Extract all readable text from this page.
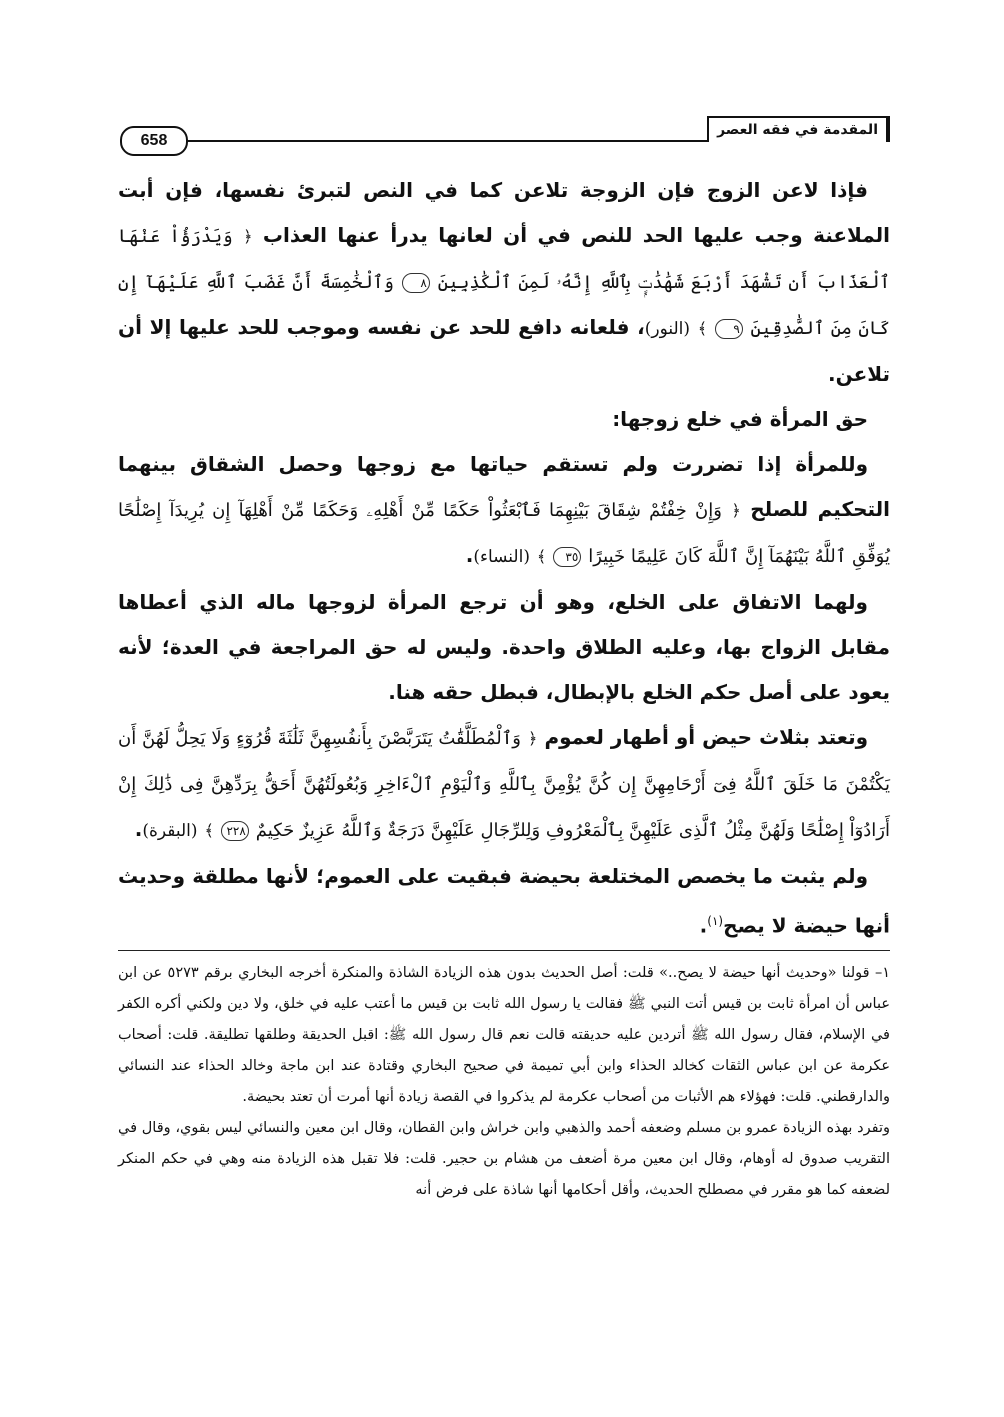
المقدمة في فقه العصر
658

فإذا لاعن الزوج فإن الزوجة تلاعن كما في النص لتبرئ نفسها، فإن أبت الملاعنة وجب عليها الحد للنص في أن لعانها يدرأ عنها العذاب ﴿ وَيَدْرَؤُاْ عَنْهَا ٱلْعَذَابَ أَن تَشْهَدَ أَرْبَعَ شَهَٰدَٰتٍۭ بِٱللَّهِ إِنَّهُۥ لَمِنَ ٱلْكَٰذِبِينَ ٨ وَٱلْخَٰمِسَةَ أَنَّ غَضَبَ ٱللَّهِ عَلَيْهَآ إِن كَانَ مِنَ ٱلصَّٰدِقِينَ ٩ ﴾ (النور)، فلعانه دافع للحد عن نفسه وموجب للحد عليها إلا أن تلاعن.

حق المرأة في خلع زوجها:

وللمرأة إذا تضررت ولم تستقم حياتها مع زوجها وحصل الشقاق بينهما التحكيم للصلح ﴿ وَإِنْ خِفْتُمْ شِقَاقَ بَيْنِهِمَا فَٱبْعَثُواْ حَكَمًا مِّنْ أَهْلِهِۦ وَحَكَمًا مِّنْ أَهْلِهَآ إِن يُرِيدَآ إِصْلَٰحًا يُوَفِّقِ ٱللَّهُ بَيْنَهُمَآ إِنَّ ٱللَّهَ كَانَ عَلِيمًا خَبِيرًا ٣٥ ﴾ (النساء).

ولهما الاتفاق على الخلع، وهو أن ترجع المرأة لزوجها ماله الذي أعطاها مقابل الزواج بها، وعليه الطلاق واحدة. وليس له حق المراجعة في العدة؛ لأنه يعود على أصل حكم الخلع بالإبطال، فبطل حقه هنا.

وتعتد بثلاث حيض أو أطهار لعموم ﴿ وَٱلْمُطَلَّقَٰتُ يَتَرَبَّصْنَ بِأَنفُسِهِنَّ ثَلَٰثَةَ قُرُوٓءٍ وَلَا يَحِلُّ لَهُنَّ أَن يَكْتُمْنَ مَا خَلَقَ ٱللَّهُ فِىٓ أَرْحَامِهِنَّ إِن كُنَّ يُؤْمِنَّ بِٱللَّهِ وَٱلْيَوْمِ ٱلْءَاخِرِ وَبُعُولَتُهُنَّ أَحَقُّ بِرَدِّهِنَّ فِى ذَٰلِكَ إِنْ أَرَادُوٓاْ إِصْلَٰحًا وَلَهُنَّ مِثْلُ ٱلَّذِى عَلَيْهِنَّ بِٱلْمَعْرُوفِ وَلِلرِّجَالِ عَلَيْهِنَّ دَرَجَةٌ وَٱللَّهُ عَزِيزٌ حَكِيمٌ ٢٢٨ ﴾ (البقرة).

ولم يثبت ما يخصص المختلعة بحيضة فبقيت على العموم؛ لأنها مطلقة وحديث أنها حيضة لا يصح$^{(١)}$.

١– قولنا «وحديث أنها حيضة لا يصح..» قلت: أصل الحديث بدون هذه الزيادة الشاذة والمنكرة أخرجه البخاري برقم ٥٢٧٣ عن ابن عباس أن امرأة ثابت بن قيس أتت النبي ﷺ فقالت يا رسول الله ثابت بن قيس ما أعتب عليه في خلق، ولا دين ولكني أكره الكفر في الإسلام، فقال رسول الله ﷺ أتردين عليه حديقته قالت نعم قال رسول الله ﷺ: اقبل الحديقة وطلقها تطليقة. قلت: أصحاب عكرمة عن ابن عباس الثقات كخالد الحذاء وابن أبي تميمة في صحيح البخاري وقتادة عند ابن ماجة وخالد الحذاء عند النسائي والدارقطني. قلت: فهؤلاء هم الأثبات من أصحاب عكرمة لم يذكروا في القصة زيادة أنها أمرت أن تعتد بحيضة.

وتفرد بهذه الزيادة عمرو بن مسلم وضعفه أحمد والذهبي وابن خراش وابن القطان، وقال ابن معين والنسائي ليس بقوي، وقال في التقريب صدوق له أوهام، وقال ابن معين مرة أضعف من هشام بن حجير. قلت: فلا تقبل هذه الزيادة منه وهي في حكم المنكر لضعفه كما هو مقرر في مصطلح الحديث، وأقل أحكامها أنها شاذة على فرض أنه
